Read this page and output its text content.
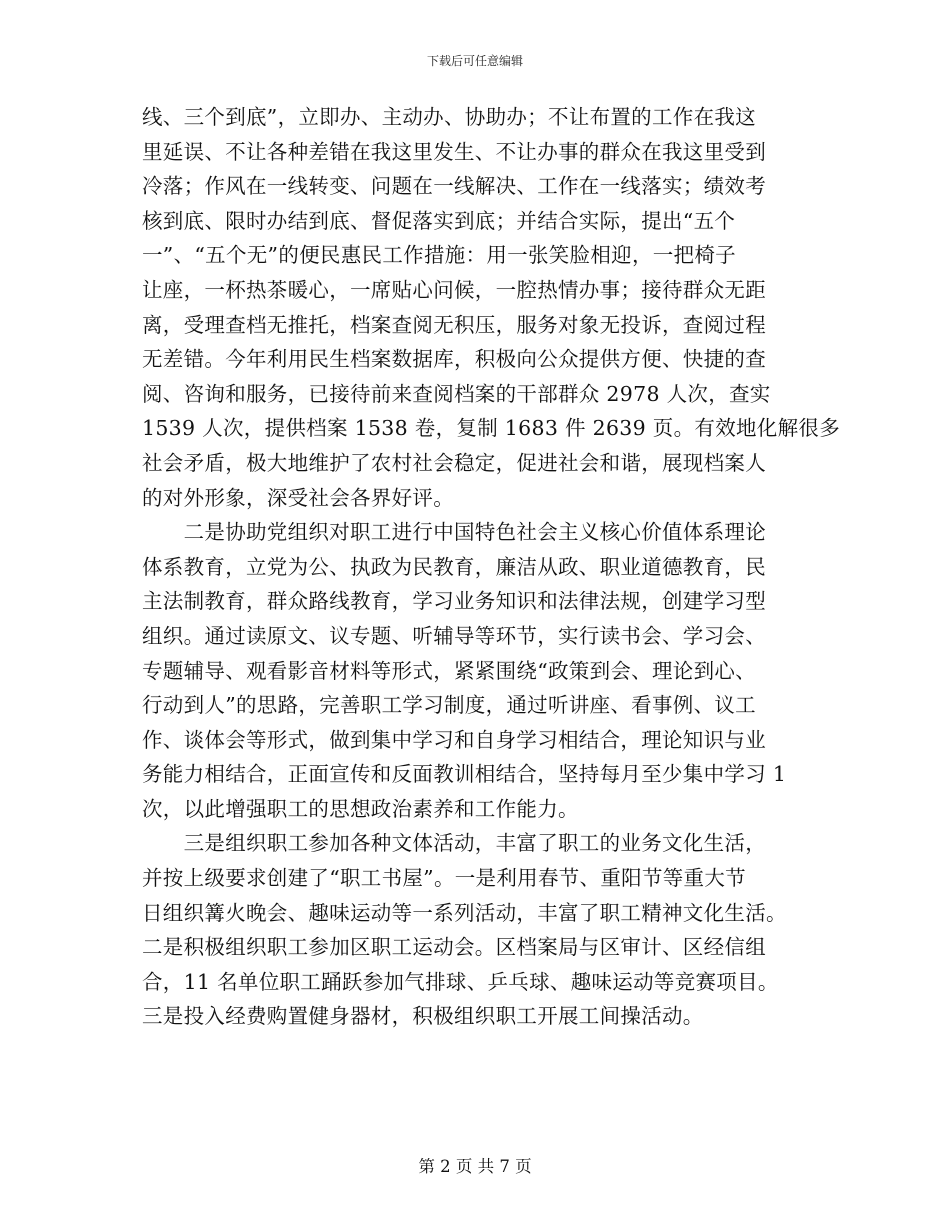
下载后可任意编辑
线、三个到底”，立即办、主动办、协助办；不让布置的工作在我这
里延误、不让各种差错在我这里发生、不让办事的群众在我这里受到
冷落；作风在一线转变、问题在一线解决、工作在一线落实；绩效考
核到底、限时办结到底、督促落实到底；并结合实际，提出“五个
一”、“五个无”的便民惠民工作措施：用一张笑脸相迎，一把椅子
让座，一杯热茶暖心，一席贴心问候，一腔热情办事；接待群众无距
离，受理查档无推托，档案查阅无积压，服务对象无投诉，查阅过程
无差错。今年利用民生档案数据库，积极向公众提供方便、快捷的查
阅、咨询和服务，已接待前来查阅档案的干部群众 2978 人次，查实
1539 人次，提供档案 1538 卷，复制 1683 件 2639 页。有效地化解很多
社会矛盾，极大地维护了农村社会稳定，促进社会和谐，展现档案人
的对外形象，深受社会各界好评。
　　二是协助党组织对职工进行中国特色社会主义核心价值体系理论
体系教育，立党为公、执政为民教育，廉洁从政、职业道德教育，民
主法制教育，群众路线教育，学习业务知识和法律法规，创建学习型
组织。通过读原文、议专题、听辅导等环节，实行读书会、学习会、
专题辅导、观看影音材料等形式，紧紧围绕“政策到会、理论到心、
行动到人”的思路，完善职工学习制度，通过听讲座、看事例、议工
作、谈体会等形式，做到集中学习和自身学习相结合，理论知识与业
务能力相结合，正面宣传和反面教训相结合，坚持每月至少集中学习 1
次，以此增强职工的思想政治素养和工作能力。
　　三是组织职工参加各种文体活动，丰富了职工的业务文化生活，
并按上级要求创建了“职工书屋”。一是利用春节、重阳节等重大节
日组织篝火晚会、趣味运动等一系列活动，丰富了职工精神文化生活。
二是积极组织职工参加区职工运动会。区档案局与区审计、区经信组
合，11 名单位职工踊跃参加气排球、乒乓球、趣味运动等竞赛项目。
三是投入经费购置健身器材，积极组织职工开展工间操活动。
第 2 页 共 7 页
